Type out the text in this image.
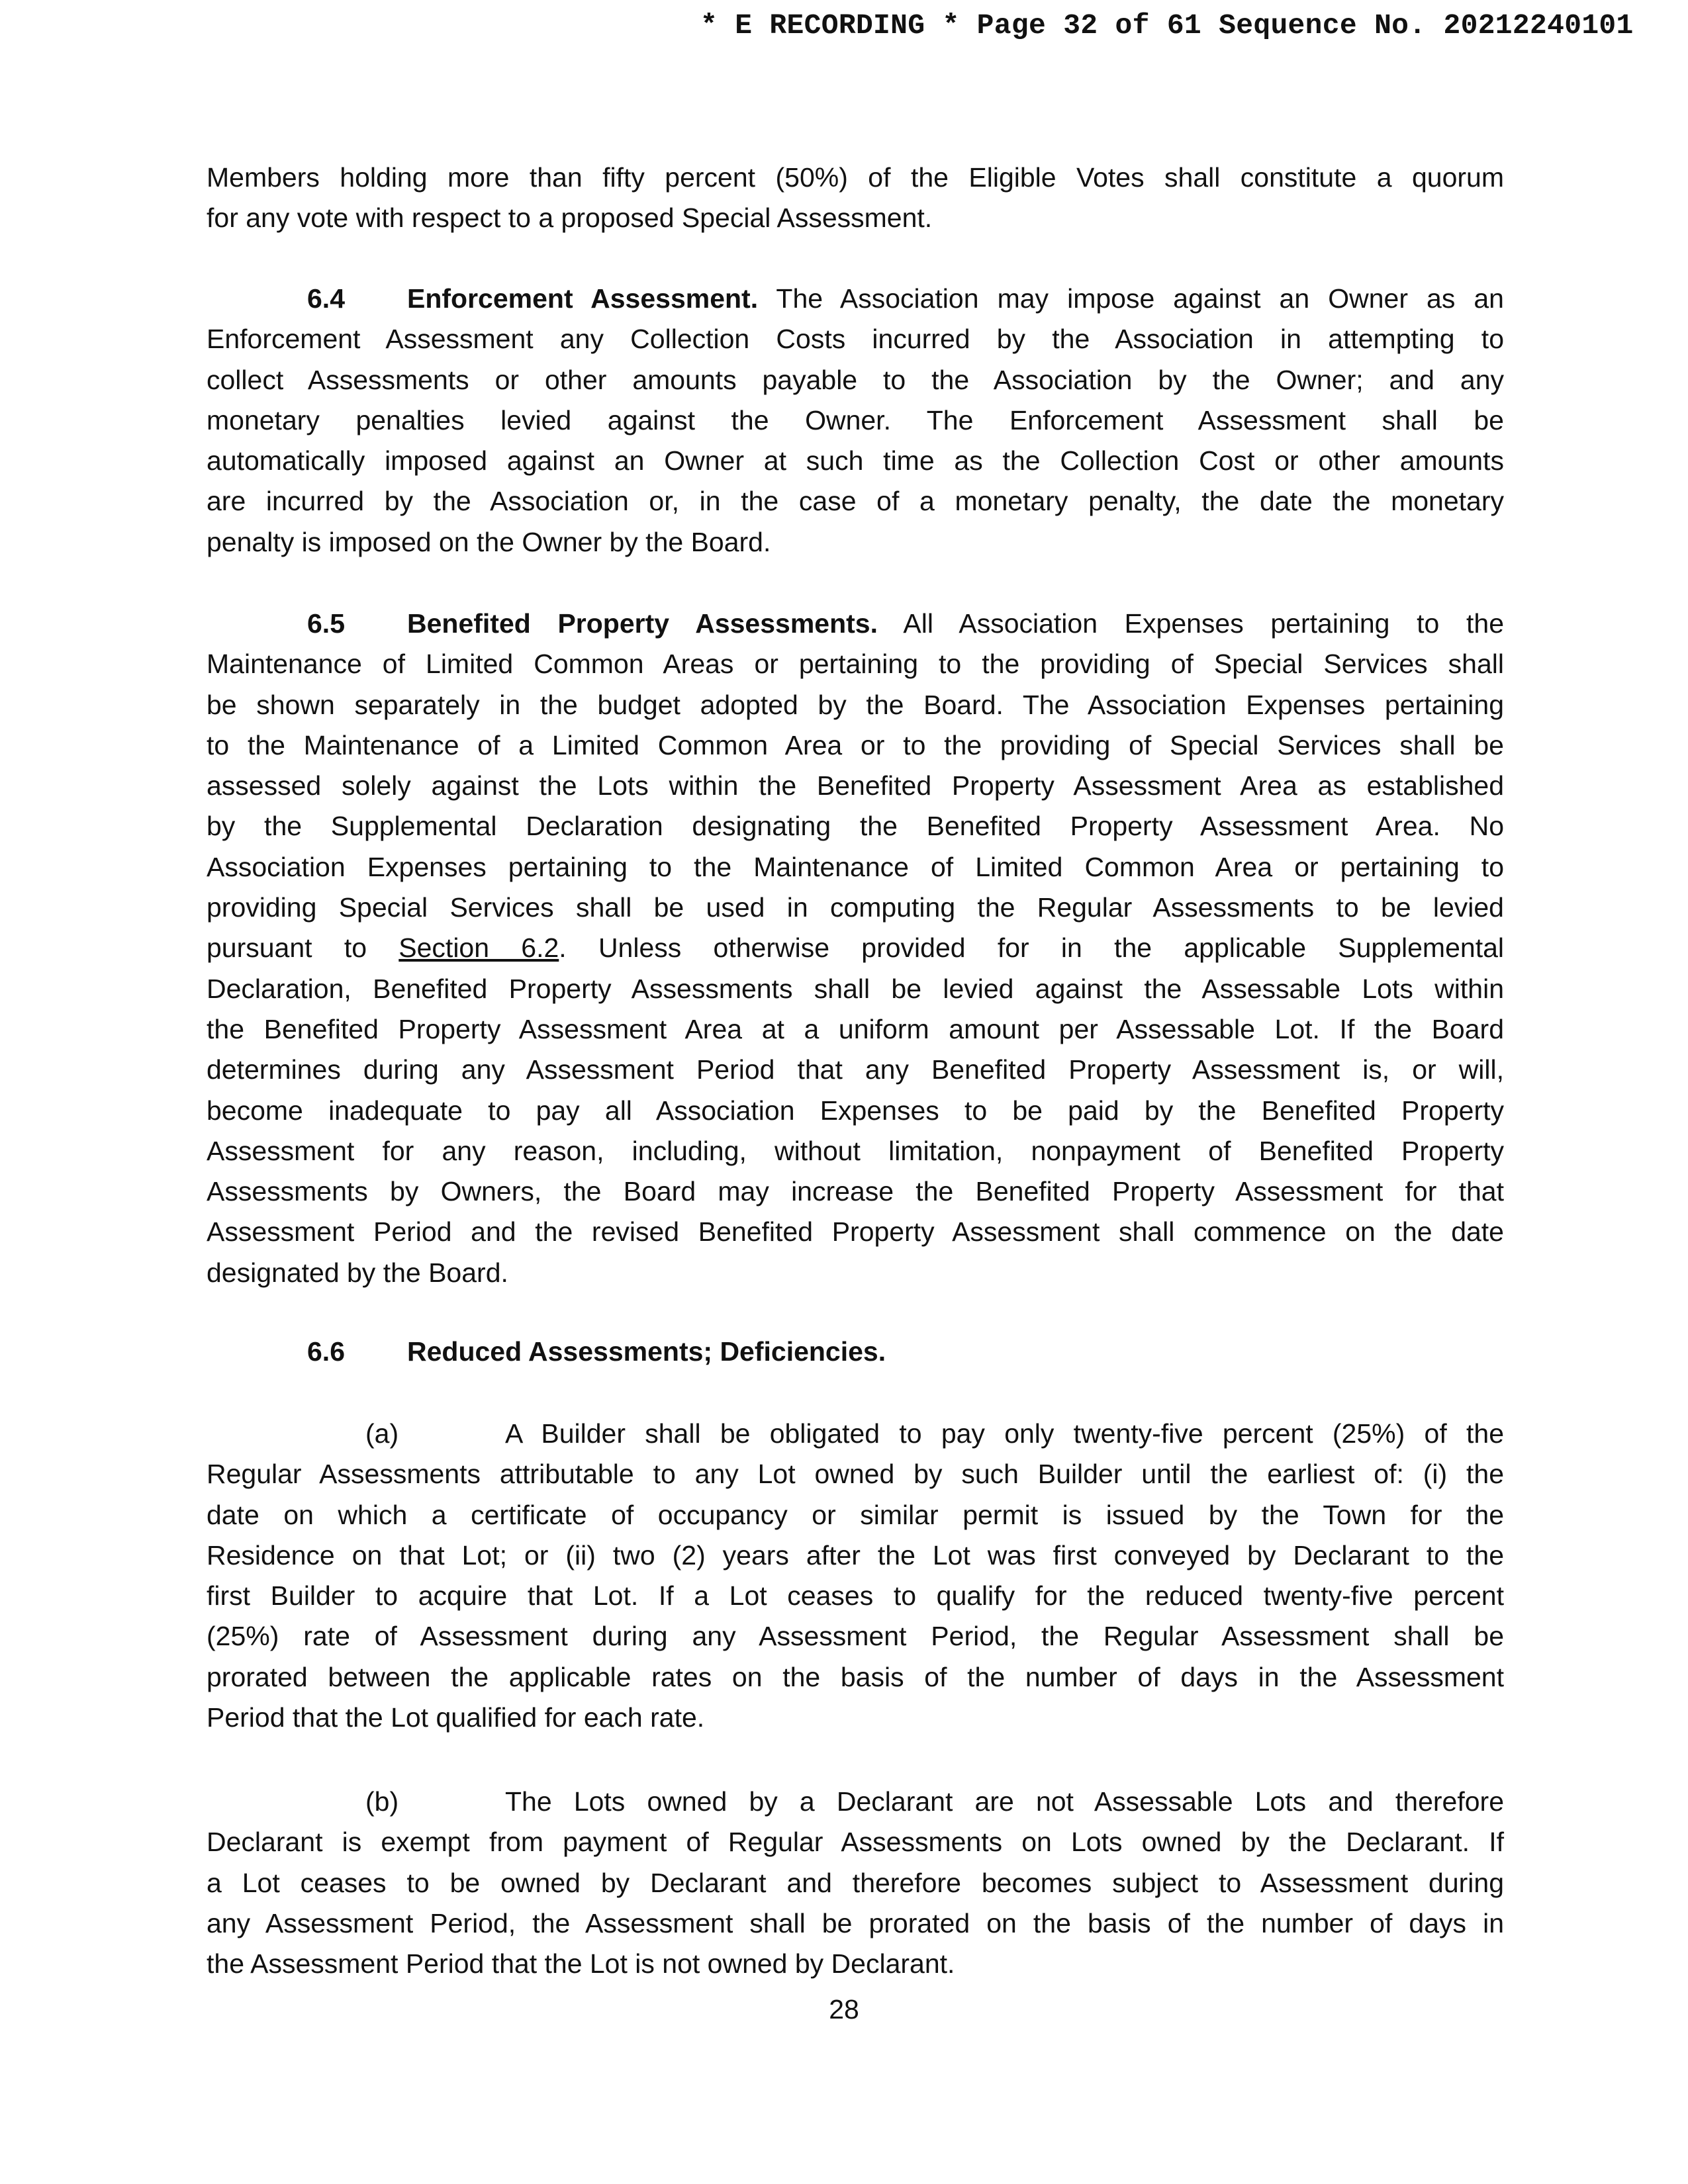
* E RECORDING * Page 32 of 61 Sequence No. 20212240101
Members holding more than fifty percent (50%) of the Eligible Votes shall constitute a quorum
for any vote with respect to a proposed Special Assessment.
6.4 Enforcement Assessment. The Association may impose against an Owner as an
Enforcement Assessment any Collection Costs incurred by the Association in attempting to
collect Assessments or other amounts payable to the Association by the Owner; and any
monetary penalties levied against the Owner. The Enforcement Assessment shall be
automatically imposed against an Owner at such time as the Collection Cost or other amounts
are incurred by the Association or, in the case of a monetary penalty, the date the monetary
penalty is imposed on the Owner by the Board.
6.5 Benefited Property Assessments. All Association Expenses pertaining to the
Maintenance of Limited Common Areas or pertaining to the providing of Special Services shall
be shown separately in the budget adopted by the Board. The Association Expenses pertaining
to the Maintenance of a Limited Common Area or to the providing of Special Services shall be
assessed solely against the Lots within the Benefited Property Assessment Area as established
by the Supplemental Declaration designating the Benefited Property Assessment Area. No
Association Expenses pertaining to the Maintenance of Limited Common Area or pertaining to
providing Special Services shall be used in computing the Regular Assessments to be levied
pursuant to Section 6.2. Unless otherwise provided for in the applicable Supplemental
Declaration, Benefited Property Assessments shall be levied against the Assessable Lots within
the Benefited Property Assessment Area at a uniform amount per Assessable Lot. If the Board
determines during any Assessment Period that any Benefited Property Assessment is, or will,
become inadequate to pay all Association Expenses to be paid by the Benefited Property
Assessment for any reason, including, without limitation, nonpayment of Benefited Property
Assessments by Owners, the Board may increase the Benefited Property Assessment for that
Assessment Period and the revised Benefited Property Assessment shall commence on the date
designated by the Board.
6.6 Reduced Assessments; Deficiencies.
(a)	A Builder shall be obligated to pay only twenty-five percent (25%) of the
Regular Assessments attributable to any Lot owned by such Builder until the earliest of: (i) the
date on which a certificate of occupancy or similar permit is issued by the Town for the
Residence on that Lot; or (ii) two (2) years after the Lot was first conveyed by Declarant to the
first Builder to acquire that Lot. If a Lot ceases to qualify for the reduced twenty-five percent
(25%) rate of Assessment during any Assessment Period, the Regular Assessment shall be
prorated between the applicable rates on the basis of the number of days in the Assessment
Period that the Lot qualified for each rate.
(b)	The Lots owned by a Declarant are not Assessable Lots and therefore
Declarant is exempt from payment of Regular Assessments on Lots owned by the Declarant. If
a Lot ceases to be owned by Declarant and therefore becomes subject to Assessment during
any Assessment Period, the Assessment shall be prorated on the basis of the number of days in
the Assessment Period that the Lot is not owned by Declarant.
28
